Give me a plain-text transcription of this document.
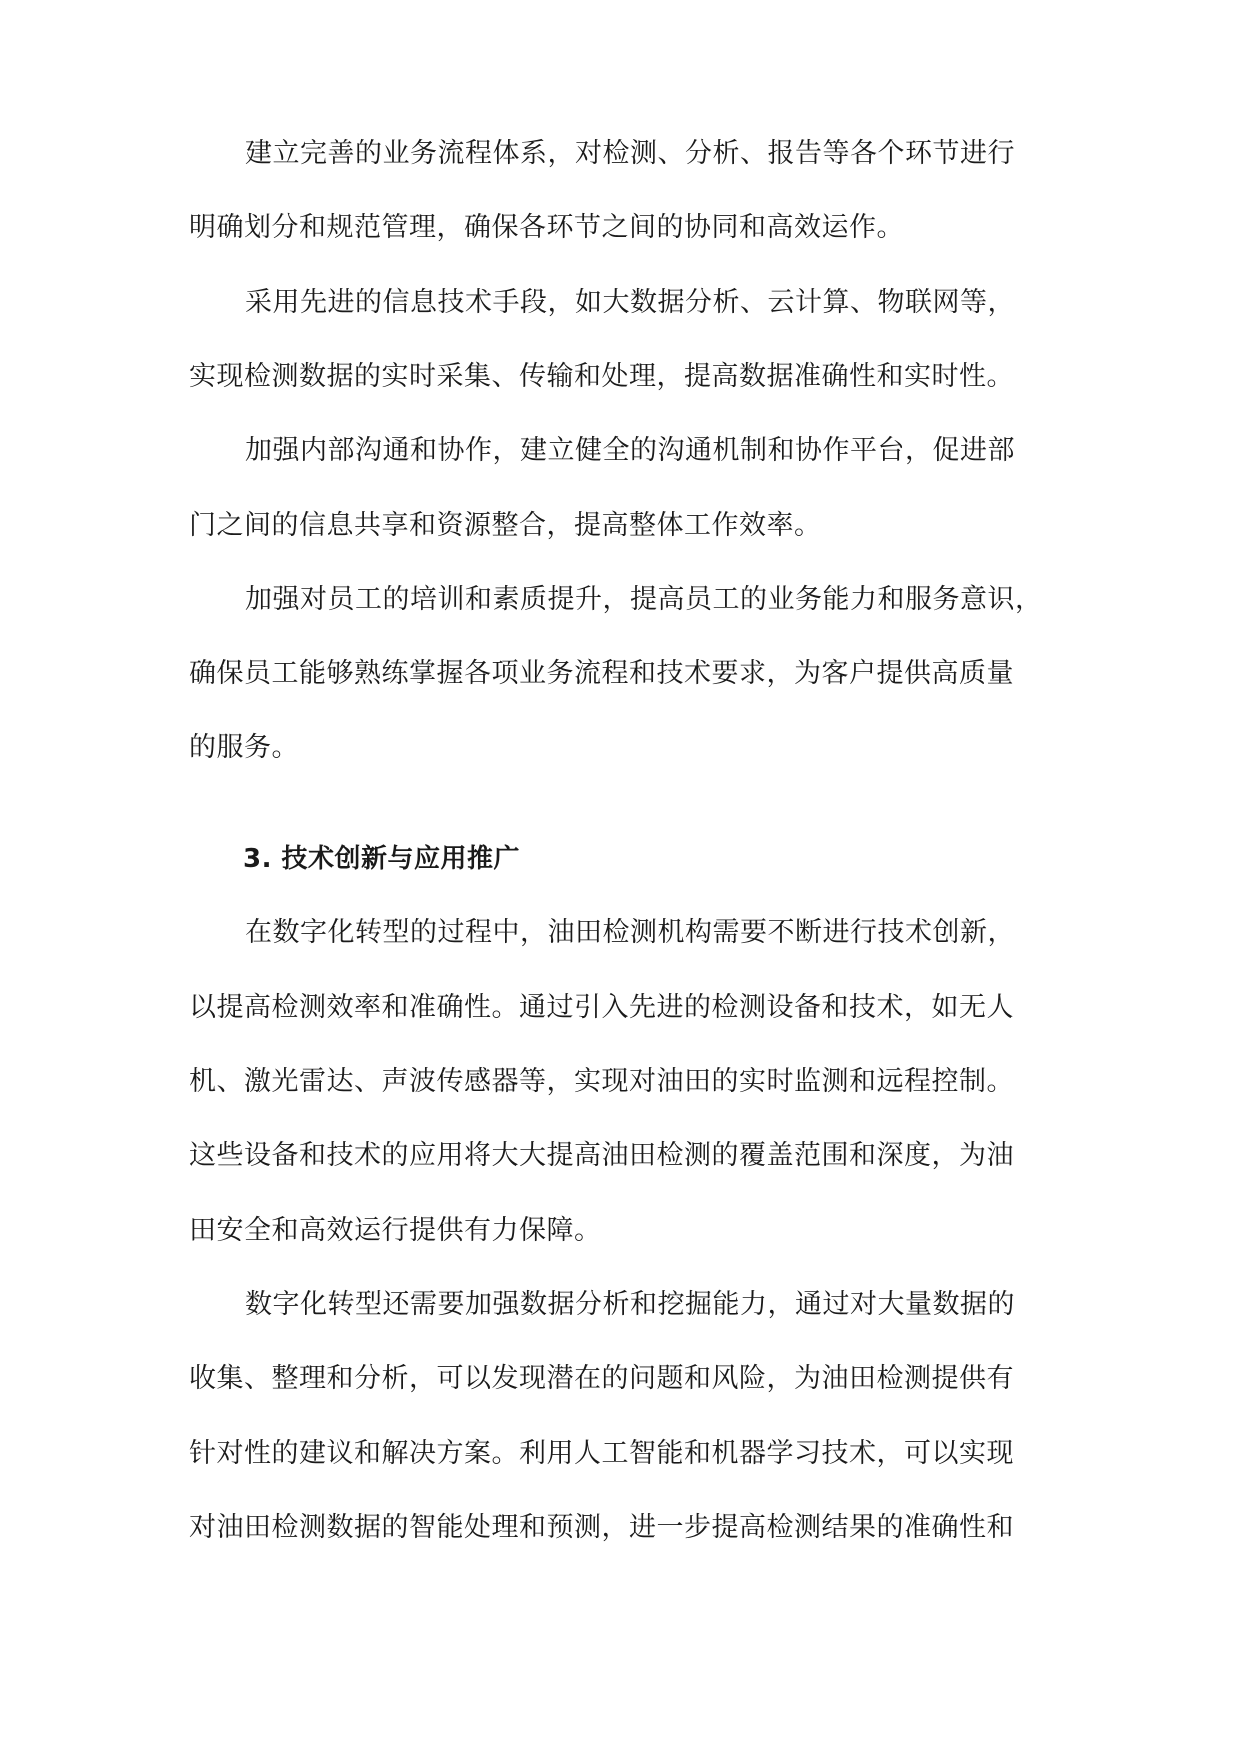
建立完善的业务流程体系，对检测、分析、报告等各个环节进行
明确划分和规范管理，确保各环节之间的协同和高效运作。
采用先进的信息技术手段，如大数据分析、云计算、物联网等，
实现检测数据的实时采集、传输和处理，提高数据准确性和实时性。
加强内部沟通和协作，建立健全的沟通机制和协作平台，促进部
门之间的信息共享和资源整合，提高整体工作效率。
加强对员工的培训和素质提升，提高员工的业务能力和服务意识，
确保员工能够熟练掌握各项业务流程和技术要求，为客户提供高质量
的服务。
3. 技术创新与应用推广
在数字化转型的过程中，油田检测机构需要不断进行技术创新，
以提高检测效率和准确性。通过引入先进的检测设备和技术，如无人
机、激光雷达、声波传感器等，实现对油田的实时监测和远程控制。
这些设备和技术的应用将大大提高油田检测的覆盖范围和深度，为油
田安全和高效运行提供有力保障。
数字化转型还需要加强数据分析和挖掘能力，通过对大量数据的
收集、整理和分析，可以发现潜在的问题和风险，为油田检测提供有
针对性的建议和解决方案。利用人工智能和机器学习技术，可以实现
对油田检测数据的智能处理和预测，进一步提高检测结果的准确性和
